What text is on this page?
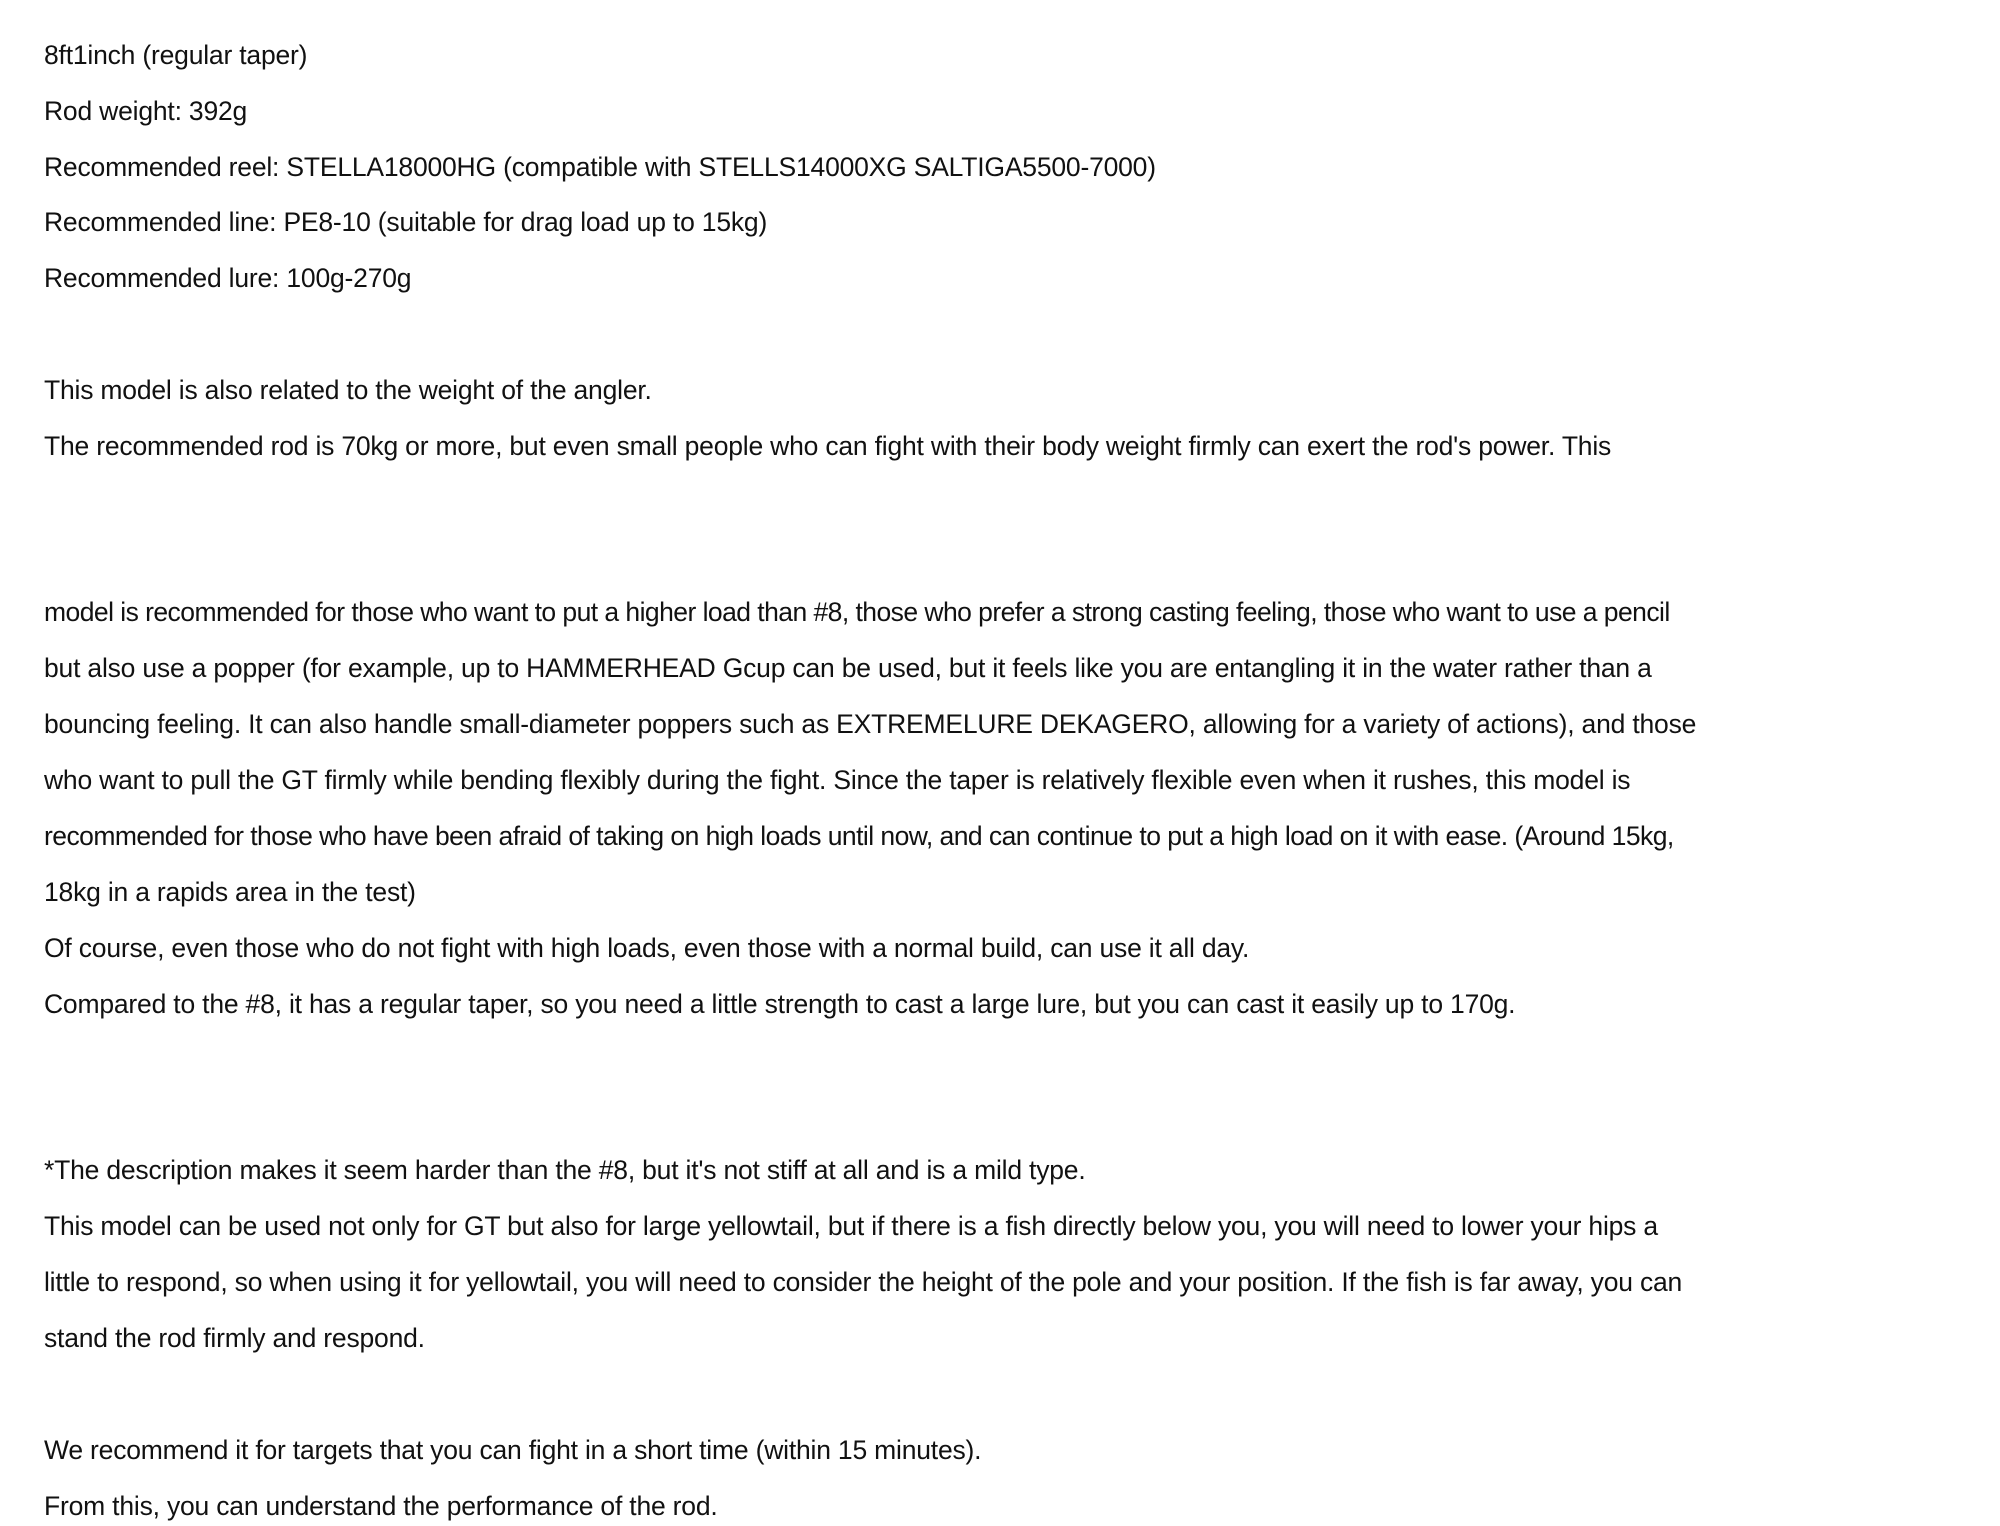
8ft1inch (regular taper)
Rod weight: 392g
Recommended reel: STELLA18000HG (compatible with STELLS14000XG SALTIGA5500-7000)
Recommended line: PE8-10 (suitable for drag load up to 15kg)
Recommended lure: 100g-270g
This model is also related to the weight of the angler.
The recommended rod is 70kg or more, but even small people who can fight with their body weight firmly can exert the rod's power. This
model is recommended for those who want to put a higher load than #8, those who prefer a strong casting feeling, those who want to use a pencil
but also use a popper (for example, up to HAMMERHEAD Gcup can be used, but it feels like you are entangling it in the water rather than a
bouncing feeling. It can also handle small-diameter poppers such as EXTREMELURE DEKAGERO, allowing for a variety of actions), and those
who want to pull the GT firmly while bending flexibly during the fight. Since the taper is relatively flexible even when it rushes, this model is
recommended for those who have been afraid of taking on high loads until now, and can continue to put a high load on it with ease. (Around 15kg,
18kg in a rapids area in the test)
Of course, even those who do not fight with high loads, even those with a normal build, can use it all day.
Compared to the #8, it has a regular taper, so you need a little strength to cast a large lure, but you can cast it easily up to 170g.
*The description makes it seem harder than the #8, but it's not stiff at all and is a mild type.
This model can be used not only for GT but also for large yellowtail, but if there is a fish directly below you, you will need to lower your hips a
little to respond, so when using it for yellowtail, you will need to consider the height of the pole and your position. If the fish is far away, you can
stand the rod firmly and respond.
We recommend it for targets that you can fight in a short time (within 15 minutes).
From this, you can understand the performance of the rod.
